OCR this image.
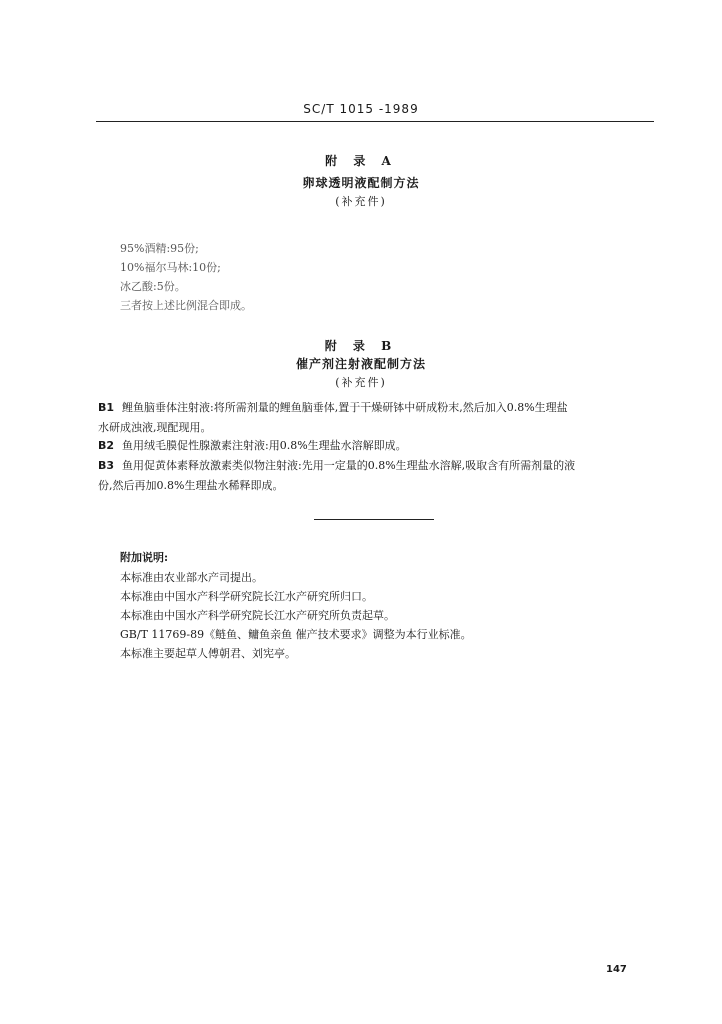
SC/T 1015 -1989
附 录 A
卵球透明液配制方法
(补充件)
95%酒精:95份;
10%福尔马林:10份;
冰乙酸:5份。
三者按上述比例混合即成。
附 录 B
催产剂注射液配制方法
(补充件)
B1 鲤鱼脑垂体注射液:将所需剂量的鲤鱼脑垂体,置于干燥研钵中研成粉末,然后加入0.8%生理盐
水研成浊液,现配现用。
B2 鱼用绒毛膜促性腺激素注射液:用0.8%生理盐水溶解即成。
B3 鱼用促黄体素释放激素类似物注射液:先用一定量的0.8%生理盐水溶解,吸取含有所需剂量的液
份,然后再加0.8%生理盐水稀释即成。
附加说明:
本标准由农业部水产司提出。
本标准由中国水产科学研究院长江水产研究所归口。
本标准由中国水产科学研究院长江水产研究所负责起草。
GB/T 11769-89《鲢鱼、鳙鱼亲鱼 催产技术要求》调整为本行业标准。
本标准主要起草人傅朝君、刘宪亭。
147
